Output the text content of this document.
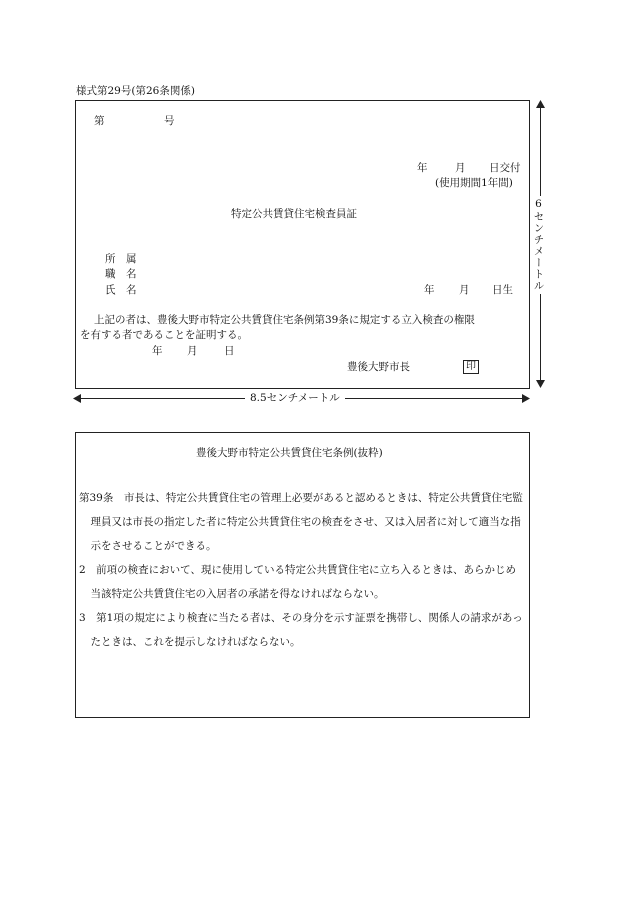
様式第29号(第26条関係)
第	号
年	月 日交付
(使用期間1年間)
特定公共賃貸住宅検査員証
所　属
職　名
氏　名	年 月 日生
上記の者は、豊後大野市特定公共賃貸住宅条例第39条に規定する立入検査の権限
を有する者であることを証明する。
年 月	日
豊後大野市長	印
6センチメートル
8.5センチメートル
豊後大野市特定公共賃貸住宅条例(抜粋)
第39条　市長は、特定公共賃貸住宅の管理上必要があると認めるときは、特定公共賃貸住宅監理員又は市長の指定した者に特定公共賃貸住宅の検査をさせ、又は入居者に対して適当な指示をさせることができる。
2　前項の検査において、現に使用している特定公共賃貸住宅に立ち入るときは、あらかじめ当該特定公共賃貸住宅の入居者の承諾を得なければならない。
3　第1項の規定により検査に当たる者は、その身分を示す証票を携帯し、関係人の請求があったときは、これを提示しなければならない。
